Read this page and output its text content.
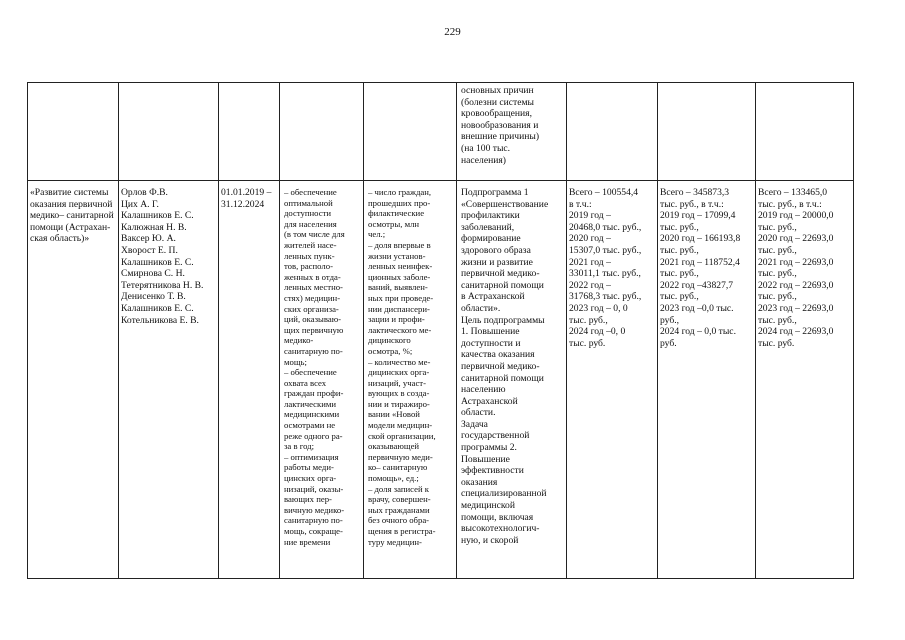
229
основных причин
(болезни системы
кровообращения,
новообразования и
внешние причины)
(на 100 тыс.
населения)
«Развитие системы
оказания первичной
медико– санитарной
помощи (Астрахан-
ская область)»
Орлов Ф.В.
Цих А. Г.
Калашников Е. С.
Калюжная Н. В.
Ваксер Ю. А.
Хворост Е. П.
Калашников Е. С.
Смирнова С. Н.
Тетерятникова Н. В.
Денисенко Т. В.
Калашников Е. С.
Котельникова Е. В.
01.01.2019 –
31.12.2024
– обеспечение
оптимальной
доступности
для населения
(в том числе для
жителей насе-
ленных пунк-
тов, располо-
женных в отда-
ленных местно-
стях) медицин-
ских организа-
ций, оказываю-
щих первичную
медико-
санитарную по-
мощь;
– обеспечение
охвата всех
граждан профи-
лактическими
медицинскими
осмотрами не
реже одного ра-
за в год;
– оптимизация
работы меди-
цинских орга-
низаций, оказы-
вающих пер-
вичную медико-
санитарную по-
мощь, сокраще-
ние времени
– число граждан,
прошедших про-
филактические
осмотры, млн
чел.;
– доля впервые в
жизни установ-
ленных неинфек-
ционных заболе-
ваний, выявлен-
ных при проведе-
нии диспансери-
зации и профи-
лактического ме-
дицинского
осмотра, %;
– количество ме-
дицинских орга-
низаций, участ-
вующих в созда-
нии и тиражиро-
вании «Новой
модели медицин-
ской организации,
оказывающей
первичную меди-
ко– санитарную
помощь», ед.;
– доля записей к
врачу, совершен-
ных гражданами
без очного обра-
щения в регистра-
туру медицин-
Подпрограмма 1
«Совершенствование
профилактики
заболеваний,
формирование
здорового образа
жизни и развитие
первичной медико-
санитарной помощи
в Астраханской
области».
Цель подпрограммы
1. Повышение
доступности и
качества оказания
первичной медико-
санитарной помощи
населению
Астраханской
области.
Задача
государственной
программы 2.
Повышение
эффективности
оказания
специализированной
медицинской
помощи, включая
высокотехнологич-
ную, и скорой
Всего – 100554,4
в т.ч.:
2019 год –
20468,0 тыс. руб.,
2020 год –
15307,0 тыс. руб.,
2021 год –
33011,1 тыс. руб.,
2022 год –
31768,3 тыс. руб.,
2023 год – 0, 0
тыс. руб.,
2024 год –0, 0
тыс. руб.
Всего – 345873,3
тыс. руб., в т.ч.:
2019 год – 17099,4
тыс. руб.,
2020 год – 166193,8
тыс. руб.,
2021 год – 118752,4
тыс. руб.,
2022 год –43827,7
тыс. руб.,
2023 год –0,0 тыс.
руб.,
2024 год – 0,0 тыс.
руб.
Всего – 133465,0
тыс. руб., в т.ч.:
2019 год – 20000,0
тыс. руб.,
2020 год – 22693,0
тыс. руб.,
2021 год – 22693,0
тыс. руб.,
2022 год – 22693,0
тыс. руб.,
2023 год – 22693,0
тыс. руб.,
2024 год – 22693,0
тыс. руб.
